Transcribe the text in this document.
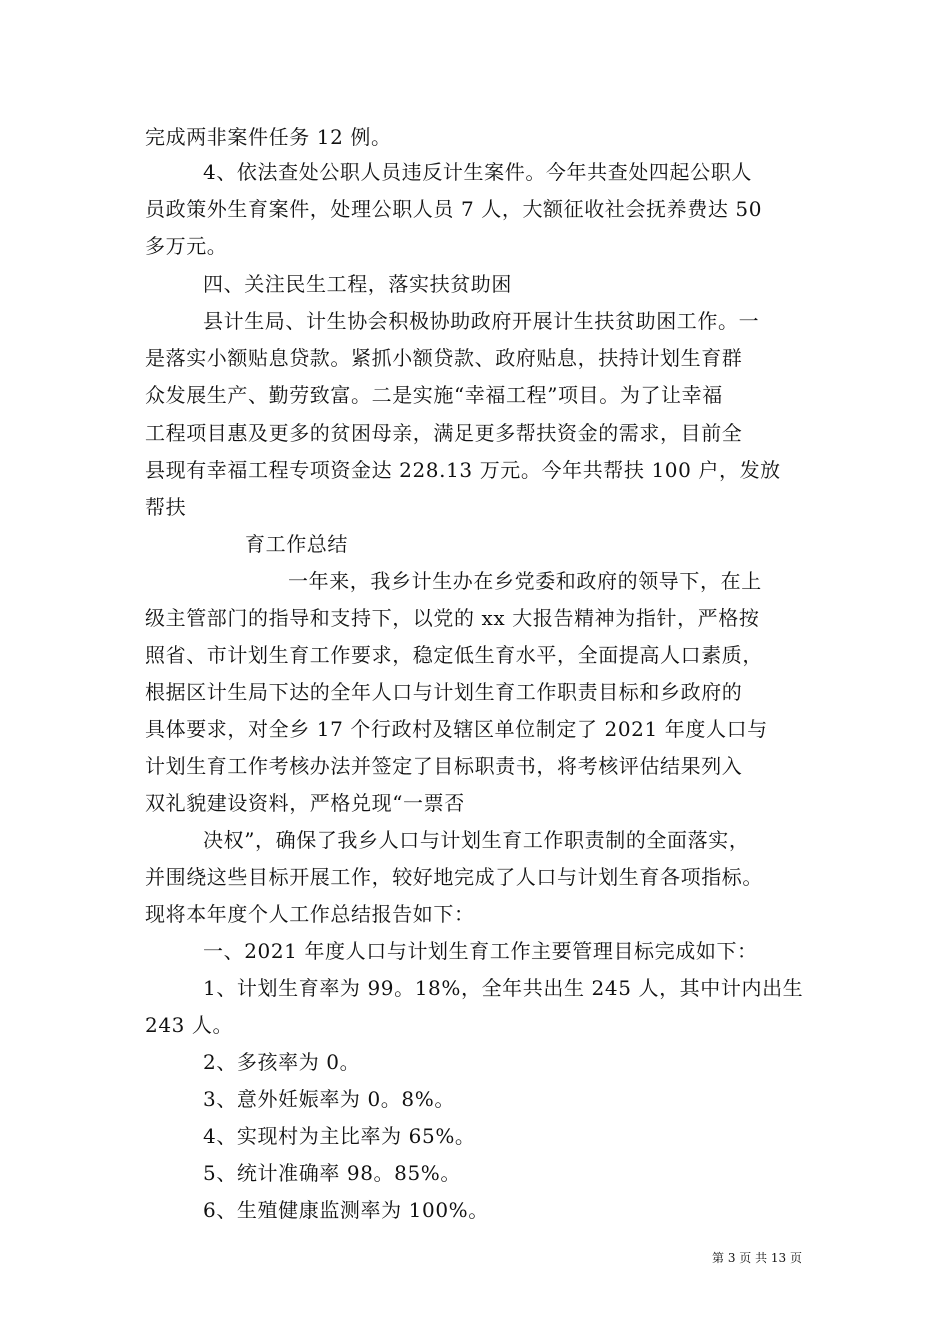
完成两非案件任务 12 例。
4、依法查处公职人员违反计生案件。今年共查处四起公职人
员政策外生育案件，处理公职人员 7 人，大额征收社会抚养费达 50
多万元。
四、关注民生工程，落实扶贫助困
县计生局、计生协会积极协助政府开展计生扶贫助困工作。一
是落实小额贴息贷款。紧抓小额贷款、政府贴息，扶持计划生育群
众发展生产、勤劳致富。二是实施“幸福工程”项目。为了让幸福
工程项目惠及更多的贫困母亲，满足更多帮扶资金的需求，目前全
县现有幸福工程专项资金达 228.13 万元。今年共帮扶 100 户，发放
帮扶
育工作总结
一年来，我乡计生办在乡党委和政府的领导下，在上
级主管部门的指导和支持下，以党的 xx 大报告精神为指针，严格按
照省、市计划生育工作要求，稳定低生育水平，全面提高人口素质，
根据区计生局下达的全年人口与计划生育工作职责目标和乡政府的
具体要求，对全乡 17 个行政村及辖区单位制定了 2021 年度人口与
计划生育工作考核办法并签定了目标职责书，将考核评估结果列入
双礼貌建设资料，严格兑现“一票否
决权”，确保了我乡人口与计划生育工作职责制的全面落实，
并围绕这些目标开展工作，较好地完成了人口与计划生育各项指标。
现将本年度个人工作总结报告如下：
一、2021 年度人口与计划生育工作主要管理目标完成如下：
1、计划生育率为 99。18%，全年共出生 245 人，其中计内出生
243 人。
2、多孩率为 0。
3、意外妊娠率为 0。8%。
4、实现村为主比率为 65%。
5、统计准确率 98。85%。
6、生殖健康监测率为 100%。
第 3 页 共 13 页
